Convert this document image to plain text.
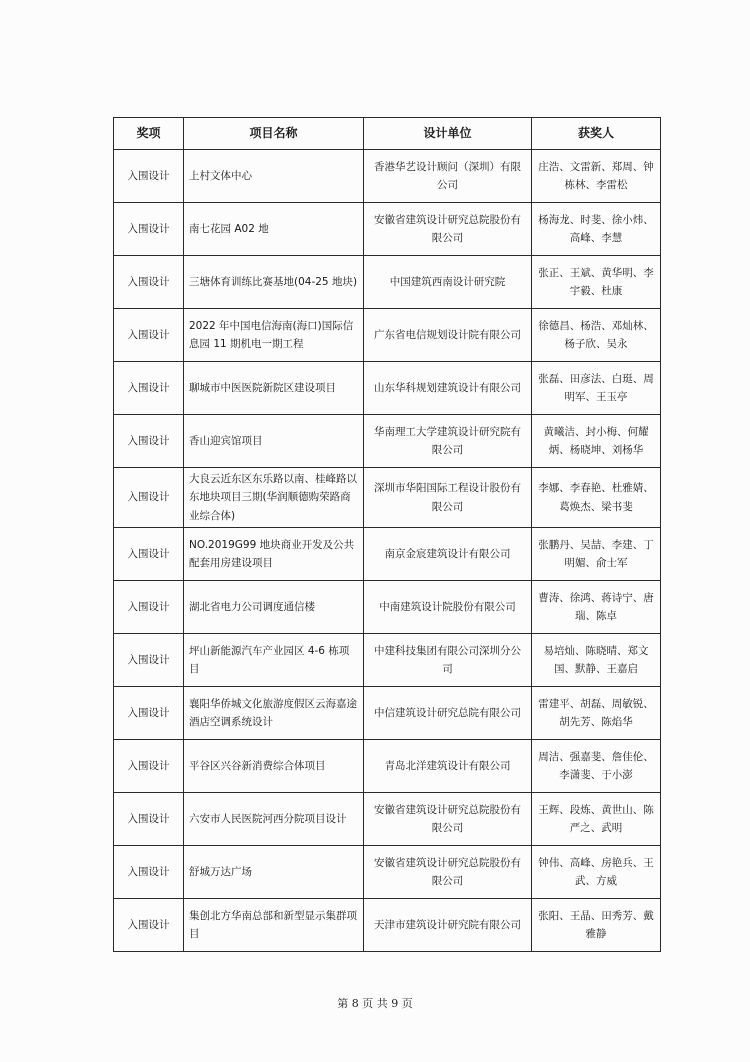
奖项	项目名称	设计单位	获奖人
入围设计	上村文体中心	香港华艺设计顾问（深圳）有限公司	庄浩、文雷新、郑周、钟栋林、李雷松
入围设计	南七花园 A02 地	安徽省建筑设计研究总院股份有限公司	杨海龙、时斐、徐小炜、高峰、李慧
入围设计	三塘体育训练比赛基地(04-25 地块)	中国建筑西南设计研究院	张正、王斌、黄华明、李宇毅、杜康
入围设计	2022 年中国电信海南(海口)国际信息园 11 期机电一期工程	广东省电信规划设计院有限公司	徐德昌、杨浩、邓灿林、杨子欣、吴永
入围设计	聊城市中医医院新院区建设项目	山东华科规划建筑设计有限公司	张磊、田彦法、白珽、周明军、王玉亭
入围设计	香山迎宾馆项目	华南理工大学建筑设计研究院有限公司	黄曦洁、封小梅、何耀炳、杨晓坤、刘杨华
入围设计	大良云近东区东乐路以南、桂峰路以东地块项目三期(华润顺德购荣路商业综合体)	深圳市华阳国际工程设计股份有限公司	李娜、李春艳、杜雅婧、葛焕杰、梁书斐
入围设计	NO.2019G99 地块商业开发及公共配套用房建设项目	南京金宸建筑设计有限公司	张鹏丹、吴喆、李建、丁明媚、俞士军
入围设计	湖北省电力公司调度通信楼	中南建筑设计院股份有限公司	曹涛、徐鸿、蒋诗宁、唐瑞、陈卓
入围设计	坪山新能源汽车产业园区 4-6 栋项目	中建科技集团有限公司深圳分公司	易培灿、陈晓晴、郑文国、默静、王嘉启
入围设计	襄阳华侨城文化旅游度假区云海嘉途酒店空调系统设计	中信建筑设计研究总院有限公司	雷建平、胡磊、周敏锐、胡先芳、陈焰华
入围设计	平谷区兴谷新消费综合体项目	青岛北洋建筑设计有限公司	周洁、强嘉斐、詹佳伦、李潇斐、于小澎
入围设计	六安市人民医院河西分院项目设计	安徽省建筑设计研究总院股份有限公司	王辉、段炼、黄世山、陈严之、武明
入围设计	舒城万达广场	安徽省建筑设计研究总院股份有限公司	钟伟、高峰、房艳兵、王武、方威
入围设计	集创北方华南总部和新型显示集群项目	天津市建筑设计研究院有限公司	张阳、王晶、田秀芳、戴雅静
第 8 页 共 9 页
